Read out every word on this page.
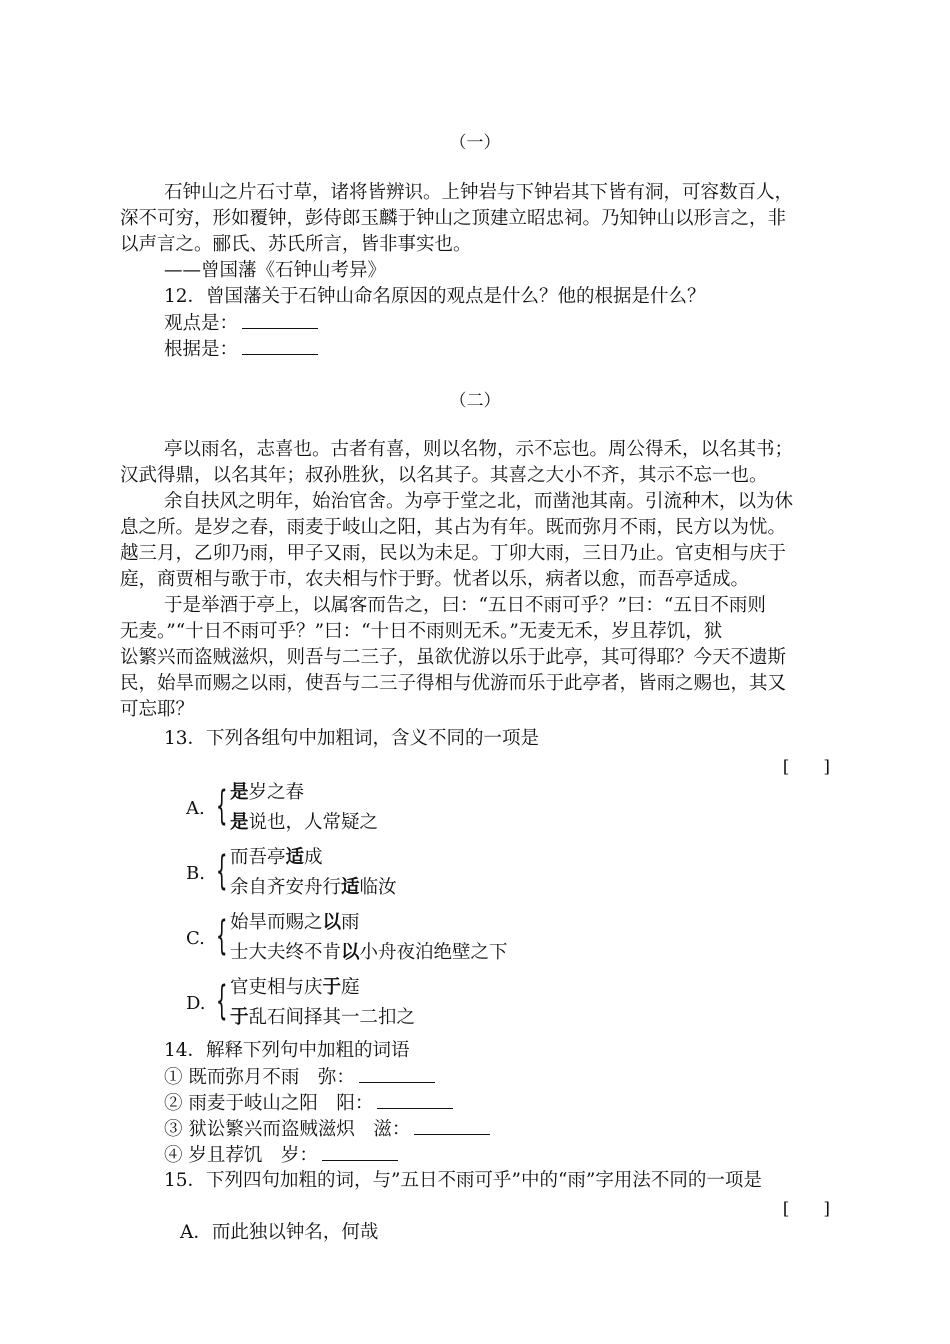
（一）
石钟山之片石寸草，诸将皆辨识。上钟岩与下钟岩其下皆有洞，可容数百人，
深不可穷，形如覆钟，彭侍郎玉麟于钟山之顶建立昭忠祠。乃知钟山以形言之，非
以声言之。郦氏、苏氏所言，皆非事实也。
——曾国藩《石钟山考异》
12．曾国藩关于石钟山命名原因的观点是什么？他的根据是什么？
观点是：
根据是：
（二）
亭以雨名，志喜也。古者有喜，则以名物，示不忘也。周公得禾，以名其书；
汉武得鼎，以名其年；叔孙胜狄，以名其子。其喜之大小不齐，其示不忘一也。
余自扶风之明年，始治官舍。为亭于堂之北，而凿池其南。引流种木，以为休
息之所。是岁之春，雨麦于岐山之阳，其占为有年。既而弥月不雨，民方以为忧。
越三月，乙卯乃雨，甲子又雨，民以为未足。丁卯大雨，三日乃止。官吏相与庆于
庭，商贾相与歌于市，农夫相与忭于野。忧者以乐，病者以愈，而吾亭适成。
于是举酒于亭上，以属客而告之，曰：“五日不雨可乎？”曰：“五日不雨则
无麦。”“十日不雨可乎？”曰：“十日不雨则无禾。”无麦无禾，岁且荐饥，狱
讼繁兴而盗贼滋炽，则吾与二三子，虽欲优游以乐于此亭，其可得耶？今天不遗斯
民，始旱而赐之以雨，使吾与二三子得相与优游而乐于此亭者，皆雨之赐也，其又
可忘耶？
13．下列各组句中加粗词，含义不同的一项是
[　　]
A. { 是岁之春
是说也，人常疑之
B. { 而吾亭适成
余自齐安舟行适临汝
C. { 始旱而赐之以雨
士大夫终不肯以小舟夜泊绝壁之下
D. { 官吏相与庆于庭
于乱石间择其一二扣之
14．解释下列句中加粗的词语
① 既而弥月不雨　弥：
② 雨麦于岐山之阳　阳：
③ 狱讼繁兴而盗贼滋炽　滋：
④ 岁且荐饥　岁：
15．下列四句加粗的词，与”五日不雨可乎”中的“雨”字用法不同的一项是
[　　]
A．而此独以钟名，何哉
